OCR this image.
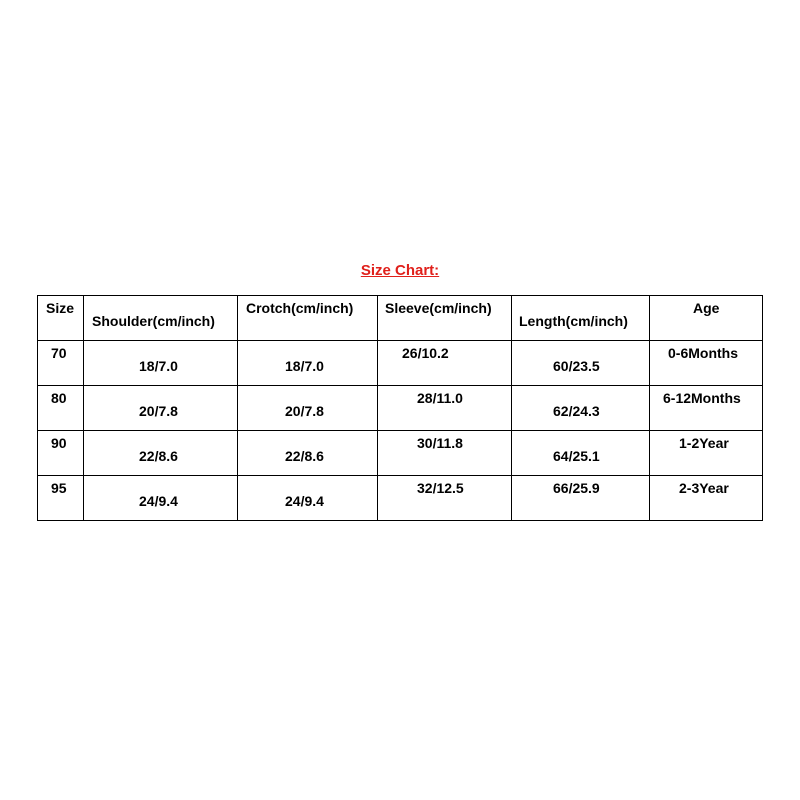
Size Chart:
Size	Shoulder(cm/inch)	Crotch(cm/inch)	Sleeve(cm/inch)	Length(cm/inch)	Age

70	18/7.0	18/7.0	26/10.2	60/23.5	0-6Months

80	20/7.8	20/7.8	28/11.0	62/24.3	6-12Months

90	22/8.6	22/8.6	30/11.8	64/25.1	1-2Year

95	24/9.4	24/9.4	32/12.5	66/25.9	2-3Year
